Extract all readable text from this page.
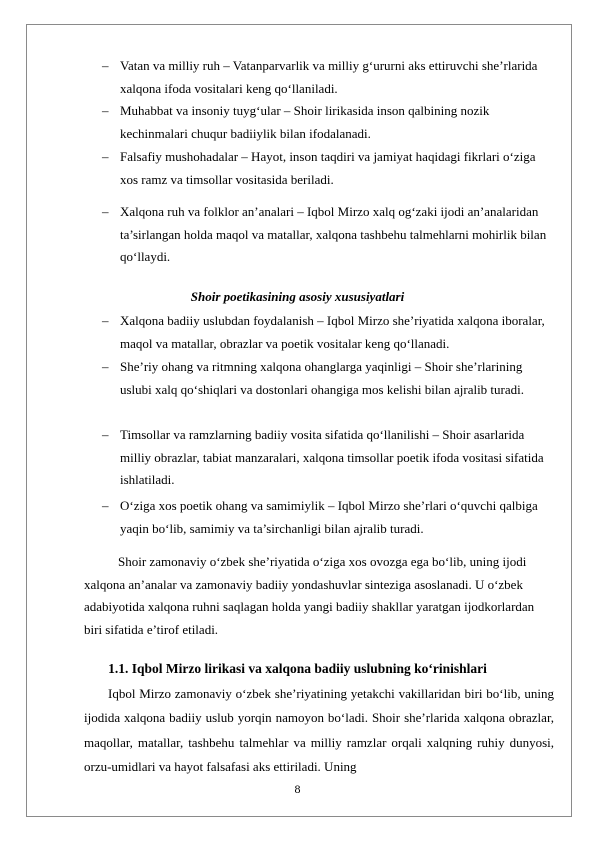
– Vatan va milliy ruh – Vatanparvarlik va milliy g‘ururni aks ettiruvchi she’rlarida xalqona ifoda vositalari keng qo‘llaniladi.
– Muhabbat va insoniy tuyg‘ular – Shoir lirikasida inson qalbining nozik kechinmalari chuqur badiiylik bilan ifodalanadi.
– Falsafiy mushohadalar – Hayot, inson taqdiri va jamiyat haqidagi fikrlari o‘ziga xos ramz va timsollar vositasida beriladi.
– Xalqona ruh va folklor an’analari – Iqbol Mirzo xalq og‘zaki ijodi an’analaridan ta’sirlangan holda maqol va matallar, xalqona tashbehu talmehlarni mohirlik bilan qo‘llaydi.
Shoir poetikasining asosiy xususiyatlari
– Xalqona badiiy uslubdan foydalanish – Iqbol Mirzo she’riyatida xalqona iboralar, maqol va matallar, obrazlar va poetik vositalar keng qo‘llanadi.
– She’riy ohang va ritmning xalqona ohanglarga yaqinligi – Shoir she’rlarining uslubi xalq qo‘shiqlari va dostonlari ohangiga mos kelishi bilan ajralib turadi.
– Timsollar va ramzlarning badiiy vosita sifatida qo‘llanilishi – Shoir asarlarida milliy obrazlar, tabiat manzaralari, xalqona timsollar poetik ifoda vositasi sifatida ishlatiladi.
– O‘ziga xos poetik ohang va samimiylik – Iqbol Mirzo she’rlari o‘quvchi qalbiga yaqin bo‘lib, samimiy va ta’sirchanligi bilan ajralib turadi.
Shoir zamonaviy o‘zbek she’riyatida o‘ziga xos ovozga ega bo‘lib, uning ijodi xalqona an’analar va zamonaviy badiiy yondashuvlar sinteziga asoslanadi. U o‘zbek adabiyotida xalqona ruhni saqlagan holda yangi badiiy shakllar yaratgan ijodkorlardan biri sifatida e’tirof etiladi.
1.1. Iqbol Mirzo lirikasi va xalqona badiiy uslubning ko‘rinishlari
Iqbol Mirzo zamonaviy o‘zbek she’riyatining yetakchi vakillaridan biri bo‘lib, uning ijodida xalqona badiiy uslub yorqin namoyon bo‘ladi. Shoir she’rlarida xalqona obrazlar, maqollar, matallar, tashbehu talmehlar va milliy ramzlar orqali xalqning ruhiy dunyosi, orzu-umidlari va hayot falsafasi aks ettiriladi. Uning
8
